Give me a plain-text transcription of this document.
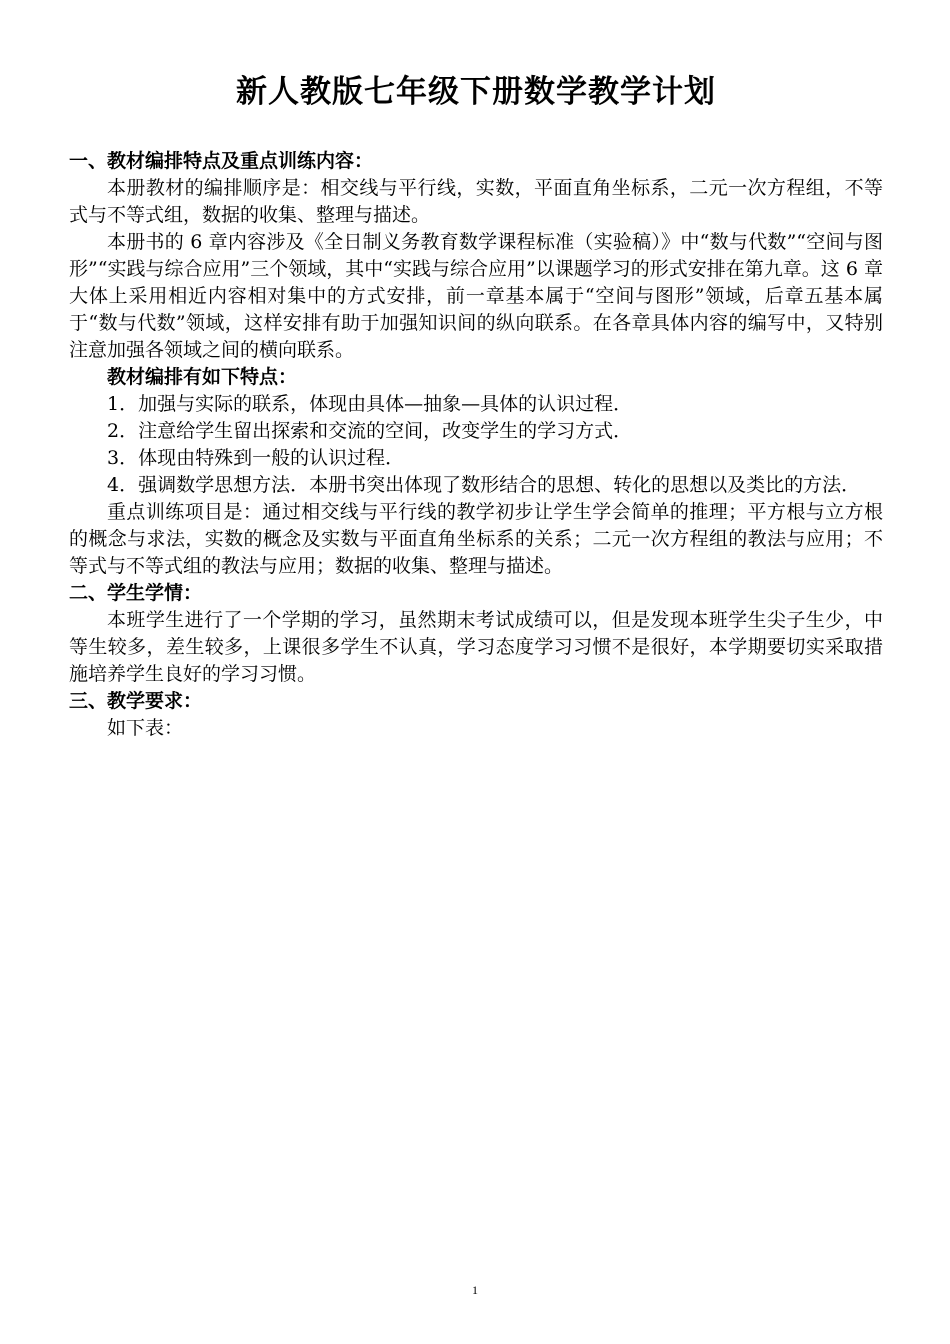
新人教版七年级下册数学教学计划

一、教材编排特点及重点训练内容：

本册教材的编排顺序是：相交线与平行线，实数，平面直角坐标系，二元一次方程组，不等式与不等式组，数据的收集、整理与描述。

本册书的 6 章内容涉及《全日制义务教育数学课程标准（实验稿）》中“数与代数”“空间与图形”“实践与综合应用”三个领域，其中“实践与综合应用”以课题学习的形式安排在第九章。这 6 章大体上采用相近内容相对集中的方式安排，前一章基本属于“空间与图形”领域，后章五基本属于“数与代数”领域，这样安排有助于加强知识间的纵向联系。在各章具体内容的编写中，又特别注意加强各领域之间的横向联系。

教材编排有如下特点：

1．加强与实际的联系，体现由具体—抽象—具体的认识过程．

2．注意给学生留出探索和交流的空间，改变学生的学习方式．

3．体现由特殊到一般的认识过程．

4．强调数学思想方法．本册书突出体现了数形结合的思想、转化的思想以及类比的方法．

重点训练项目是：通过相交线与平行线的教学初步让学生学会简单的推理；平方根与立方根的概念与求法，实数的概念及实数与平面直角坐标系的关系；二元一次方程组的教法与应用；不等式与不等式组的教法与应用；数据的收集、整理与描述。

二、学生学情：

本班学生进行了一个学期的学习，虽然期末考试成绩可以，但是发现本班学生尖子生少，中等生较多，差生较多，上课很多学生不认真，学习态度学习习惯不是很好，本学期要切实采取措施培养学生良好的学习习惯。

三、教学要求：

如下表：

1
